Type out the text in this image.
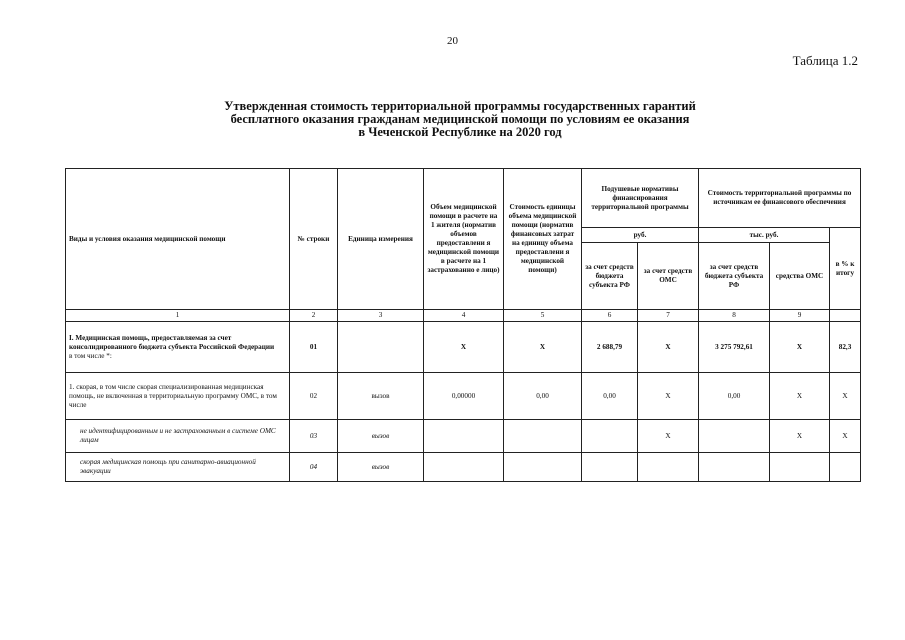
20
Таблица 1.2
Утвержденная стоимость территориальной программы государственных гарантий
бесплатного оказания гражданам медицинской помощи по условиям ее оказания
в Чеченской Республике на 2020 год
Виды и условия оказания медицинской помощи	№ строки	Единица измерения	Объем медицинской помощи в расчете на 1 жителя (норматив объемов предоставлени я медицинской помощи в расчете на 1 застрахованно е лицо)	Стоимость единицы объема медицинской помощи (норматив финансовых затрат на единицу объема предоставлени я медицинской помощи)	Подушевые нормативы финансирования территориальной программы		Стоимость территориальной программы по источникам ее финансового обеспечения		
					руб.		тыс. руб.		в % к итогу
					за счет средств бюджета субъекта РФ	за счет средств ОМС	за счет средств бюджета субъекта РФ	средства ОМС	
1	2	3	4	5	6	7	8	9	
I. Медицинская помощь, предоставляемая за счет консолидированного бюджета субъекта Российской Федерации
в том числе *:	01		X	X	2 688,79	X	3 275 792,61	X	82,3
1. скорая, в том числе скорая специализированная медицинская помощь, не включенная в территориальную программу ОМС, в том числе	02	вызов	0,00000	0,00	0,00	X	0,00	X	X
не идентифицированным и не застрахованным в системе ОМС лицам	03	вызов				X		X	X
скорая медицинская помощь при санитарно-авиационной эвакуации	04	вызов							
